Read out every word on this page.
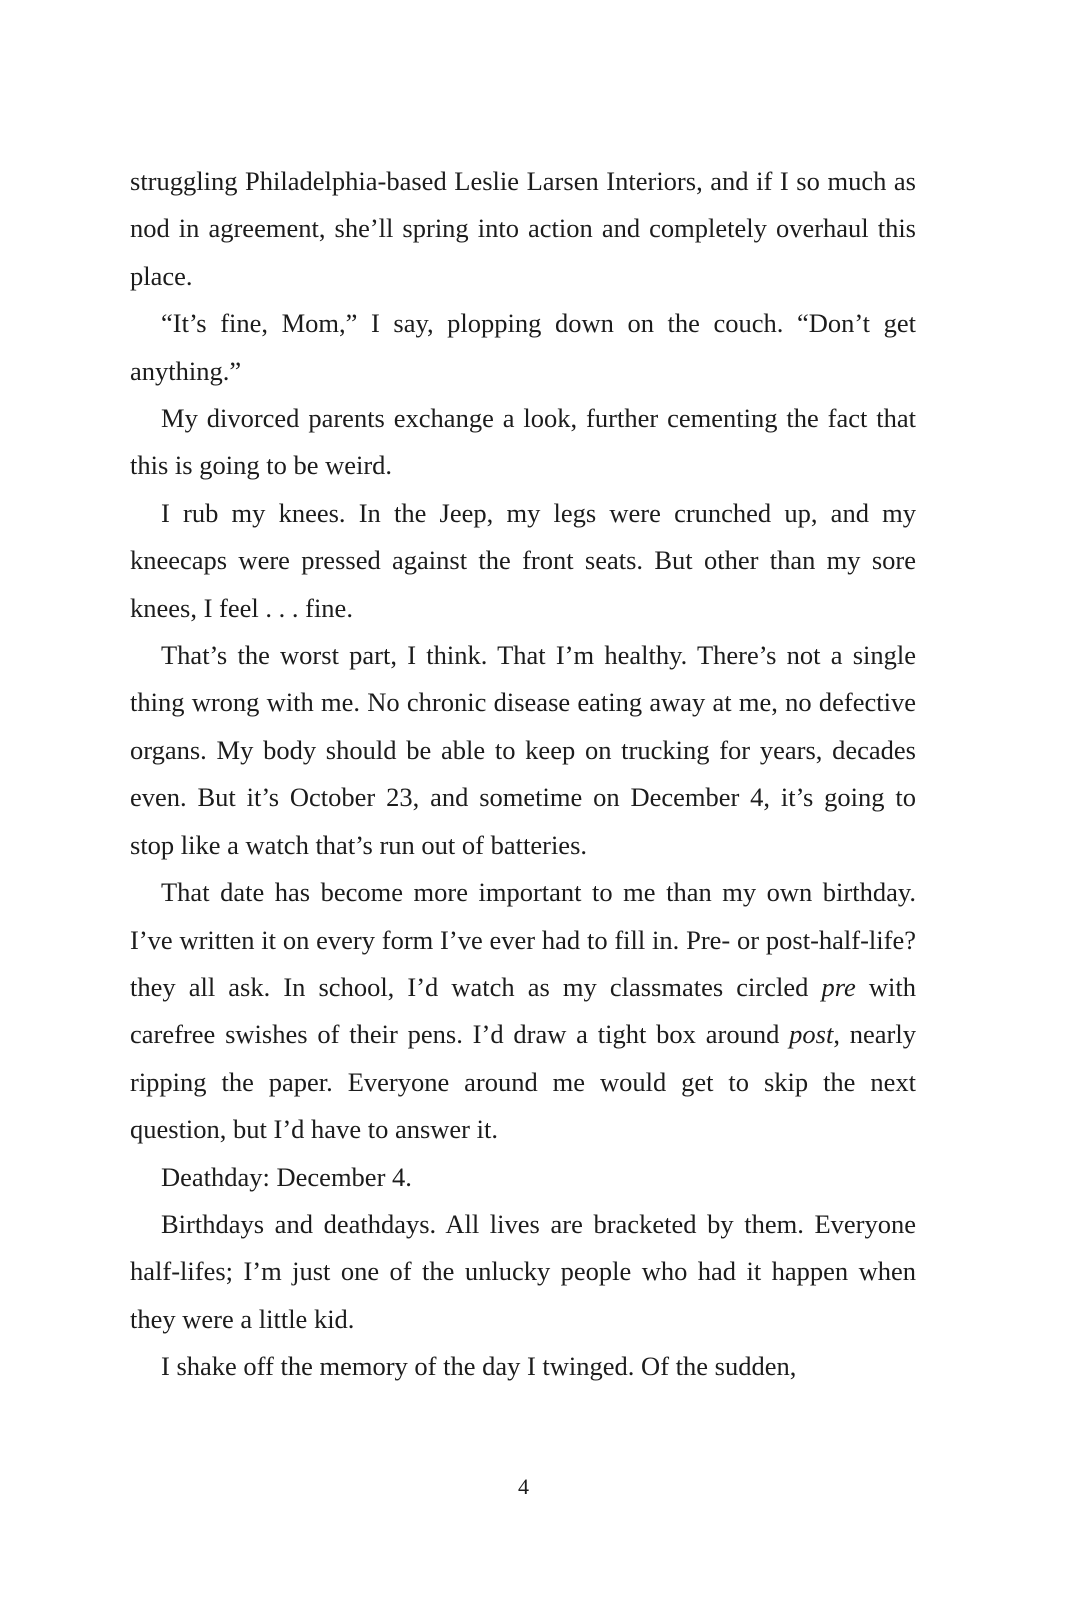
struggling Philadelphia-based Leslie Larsen Interiors, and if I so much as nod in agreement, she’ll spring into action and completely overhaul this place.

“It’s fine, Mom,” I say, plopping down on the couch. “Don’t get anything.”

My divorced parents exchange a look, further cementing the fact that this is going to be weird.

I rub my knees. In the Jeep, my legs were crunched up, and my kneecaps were pressed against the front seats. But other than my sore knees, I feel . . . fine.

That’s the worst part, I think. That I’m healthy. There’s not a single thing wrong with me. No chronic disease eating away at me, no defective organs. My body should be able to keep on trucking for years, decades even. But it’s October 23, and sometime on December 4, it’s going to stop like a watch that’s run out of batteries.

That date has become more important to me than my own birthday. I’ve written it on every form I’ve ever had to fill in. Pre- or post-half-life? they all ask. In school, I’d watch as my classmates circled pre with carefree swishes of their pens. I’d draw a tight box around post, nearly ripping the paper. Everyone around me would get to skip the next question, but I’d have to answer it.

Deathday: December 4.

Birthdays and deathdays. All lives are bracketed by them. Everyone half-lifes; I’m just one of the unlucky people who had it happen when they were a little kid.

I shake off the memory of the day I twinged. Of the sudden,

4
